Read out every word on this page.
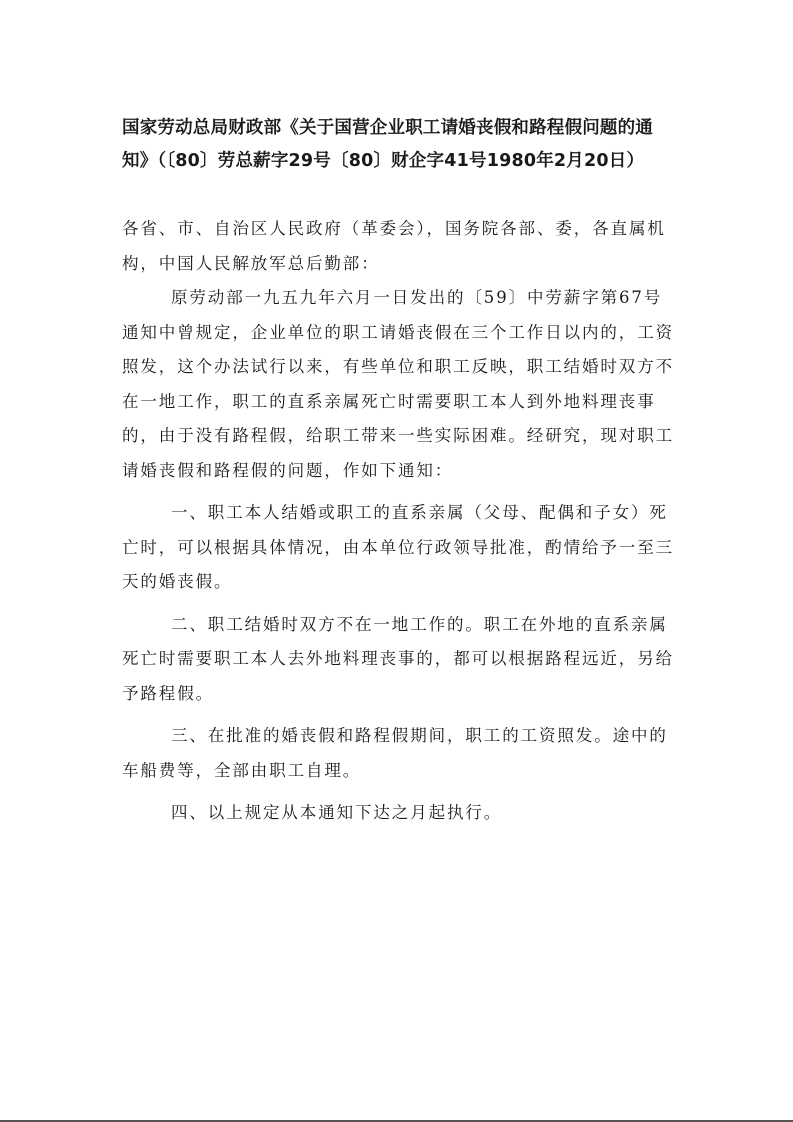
国家劳动总局财政部《关于国营企业职工请婚丧假和路程假问题的通
知》（〔80〕劳总薪字29号〔80〕财企字41号1980年2月20日）
各省、市、自治区人民政府（革委会），国务院各部、委，各直属机
构，中国人民解放军总后勤部：
原劳动部一九五九年六月一日发出的〔59〕中劳薪字第67号
通知中曾规定，企业单位的职工请婚丧假在三个工作日以内的，工资
照发，这个办法试行以来，有些单位和职工反映，职工结婚时双方不
在一地工作，职工的直系亲属死亡时需要职工本人到外地料理丧事
的，由于没有路程假，给职工带来一些实际困难。经研究，现对职工
请婚丧假和路程假的问题，作如下通知：
一、职工本人结婚或职工的直系亲属（父母、配偶和子女）死
亡时，可以根据具体情况，由本单位行政领导批准，酌情给予一至三
天的婚丧假。
二、职工结婚时双方不在一地工作的。职工在外地的直系亲属
死亡时需要职工本人去外地料理丧事的，都可以根据路程远近，另给
予路程假。
三、在批准的婚丧假和路程假期间，职工的工资照发。途中的
车船费等，全部由职工自理。
四、以上规定从本通知下达之月起执行。
